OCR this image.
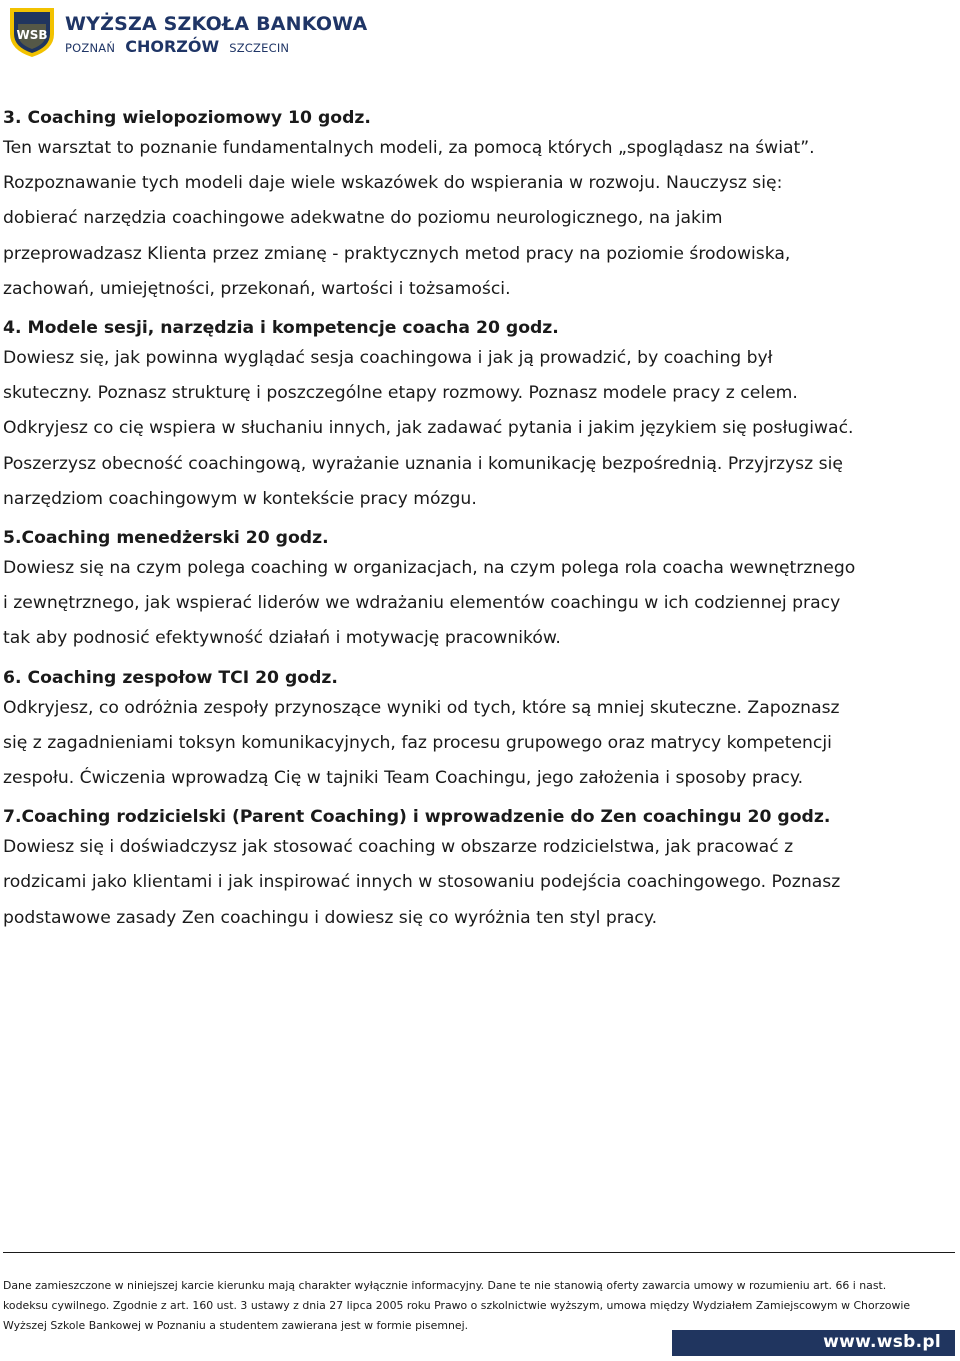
WSB WYŻSZA SZKOŁA BANKOWA
POZNAŃ CHORZÓW SZCZECIN

3. Coaching wielopoziomowy 10 godz.

Ten warsztat to poznanie fundamentalnych modeli, za pomocą których „spoglądasz na świat”.

Rozpoznawanie tych modeli daje wiele wskazówek do wspierania w rozwoju. Nauczysz się:

dobierać narzędzia coachingowe adekwatne do poziomu neurologicznego, na jakim

przeprowadzasz Klienta przez zmianę - praktycznych metod pracy na poziomie środowiska,

zachowań, umiejętności, przekonań, wartości i tożsamości.

4. Modele sesji, narzędzia i kompetencje coacha 20 godz.

Dowiesz się, jak powinna wyglądać sesja coachingowa i jak ją prowadzić, by coaching był

skuteczny. Poznasz strukturę i poszczególne etapy rozmowy. Poznasz modele pracy z celem.

Odkryjesz co cię wspiera w słuchaniu innych, jak zadawać pytania i jakim językiem się posługiwać.

Poszerzysz obecność coachingową, wyrażanie uznania i komunikację bezpośrednią. Przyjrzysz się

narzędziom coachingowym w kontekście pracy mózgu.

5.Coaching menedżerski 20 godz.

Dowiesz się na czym polega coaching w organizacjach, na czym polega rola coacha wewnętrznego

i zewnętrznego, jak wspierać liderów we wdrażaniu elementów coachingu w ich codziennej pracy

tak aby podnosić efektywność działań i motywację pracowników.

6. Coaching zespołow TCI 20 godz.

Odkryjesz, co odróżnia zespoły przynoszące wyniki od tych, które są mniej skuteczne. Zapoznasz

się z zagadnieniami toksyn komunikacyjnych, faz procesu grupowego oraz matrycy kompetencji

zespołu. Ćwiczenia wprowadzą Cię w tajniki Team Coachingu, jego założenia i sposoby pracy.

7.Coaching rodzicielski (Parent Coaching) i wprowadzenie do Zen coachingu 20 godz.

Dowiesz się i doświadczysz jak stosować coaching w obszarze rodzicielstwa, jak pracować z

rodzicami jako klientami i jak inspirować innych w stosowaniu podejścia coachingowego. Poznasz

podstawowe zasady Zen coachingu i dowiesz się co wyróżnia ten styl pracy.

Dane zamieszczone w niniejszej karcie kierunku mają charakter wyłącznie informacyjny. Dane te nie stanowią oferty zawarcia umowy w rozumieniu art. 66 i nast.

kodeksu cywilnego. Zgodnie z art. 160 ust. 3 ustawy z dnia 27 lipca 2005 roku Prawo o szkolnictwie wyższym, umowa między Wydziałem Zamiejscowym w Chorzowie

Wyższej Szkole Bankowej w Poznaniu a studentem zawierana jest w formie pisemnej.

www.wsb.pl
